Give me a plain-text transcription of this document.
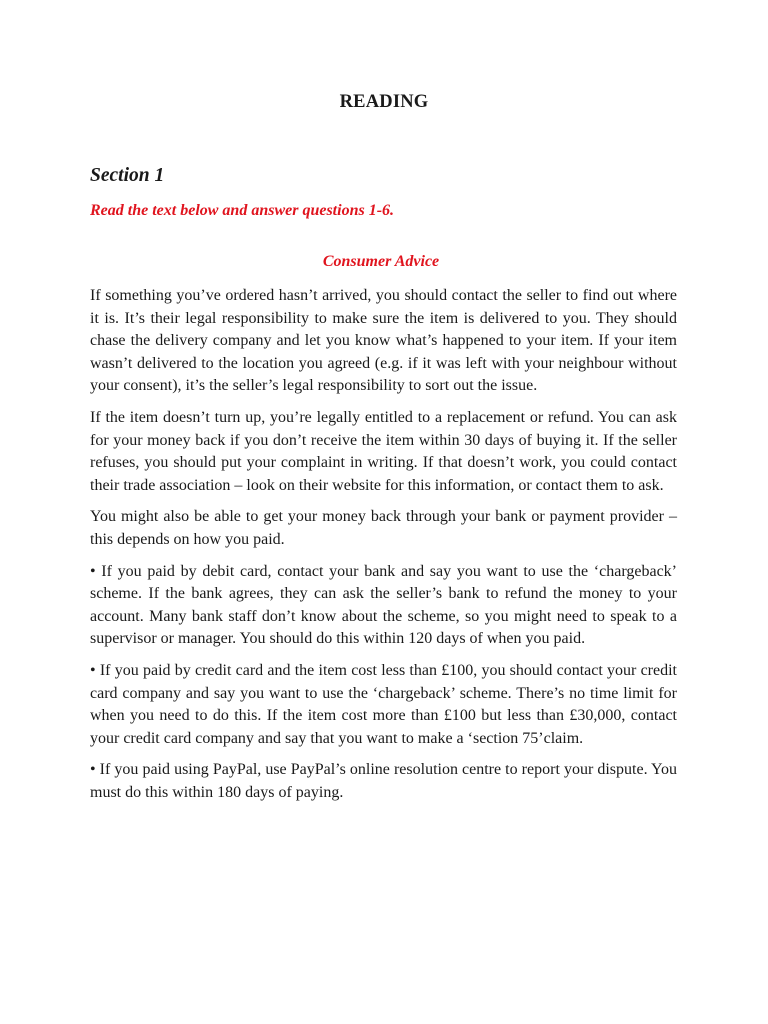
READING
Section 1
Read the text below and answer questions 1-6.
Consumer Advice

If something you’ve ordered hasn’t arrived, you should contact the seller to find out where it is. It’s their legal responsibility to make sure the item is delivered to you. They should chase the delivery company and let you know what’s happened to your item. If your item wasn’t delivered to the location you agreed (e.g. if it was left with your neighbour without your consent), it’s the seller’s legal responsibility to sort out the issue.

If the item doesn’t turn up, you’re legally entitled to a replacement or refund. You can ask for your money back if you don’t receive the item within 30 days of buying it. If the seller refuses, you should put your complaint in writing. If that doesn’t work, you could contact their trade association – look on their website for this information, or contact them to ask.

You might also be able to get your money back through your bank or payment provider – this depends on how you paid.

• If you paid by debit card, contact your bank and say you want to use the ‘chargeback’ scheme. If the bank agrees, they can ask the seller’s bank to refund the money to your account. Many bank staff don’t know about the scheme, so you might need to speak to a supervisor or manager. You should do this within 120 days of when you paid.

• If you paid by credit card and the item cost less than £100, you should contact your credit card company and say you want to use the ‘chargeback’ scheme. There’s no time limit for when you need to do this. If the item cost more than £100 but less than £30,000, contact your credit card company and say that you want to make a ‘section 75’claim.

• If you paid using PayPal, use PayPal’s online resolution centre to report your dispute. You must do this within 180 days of paying.
